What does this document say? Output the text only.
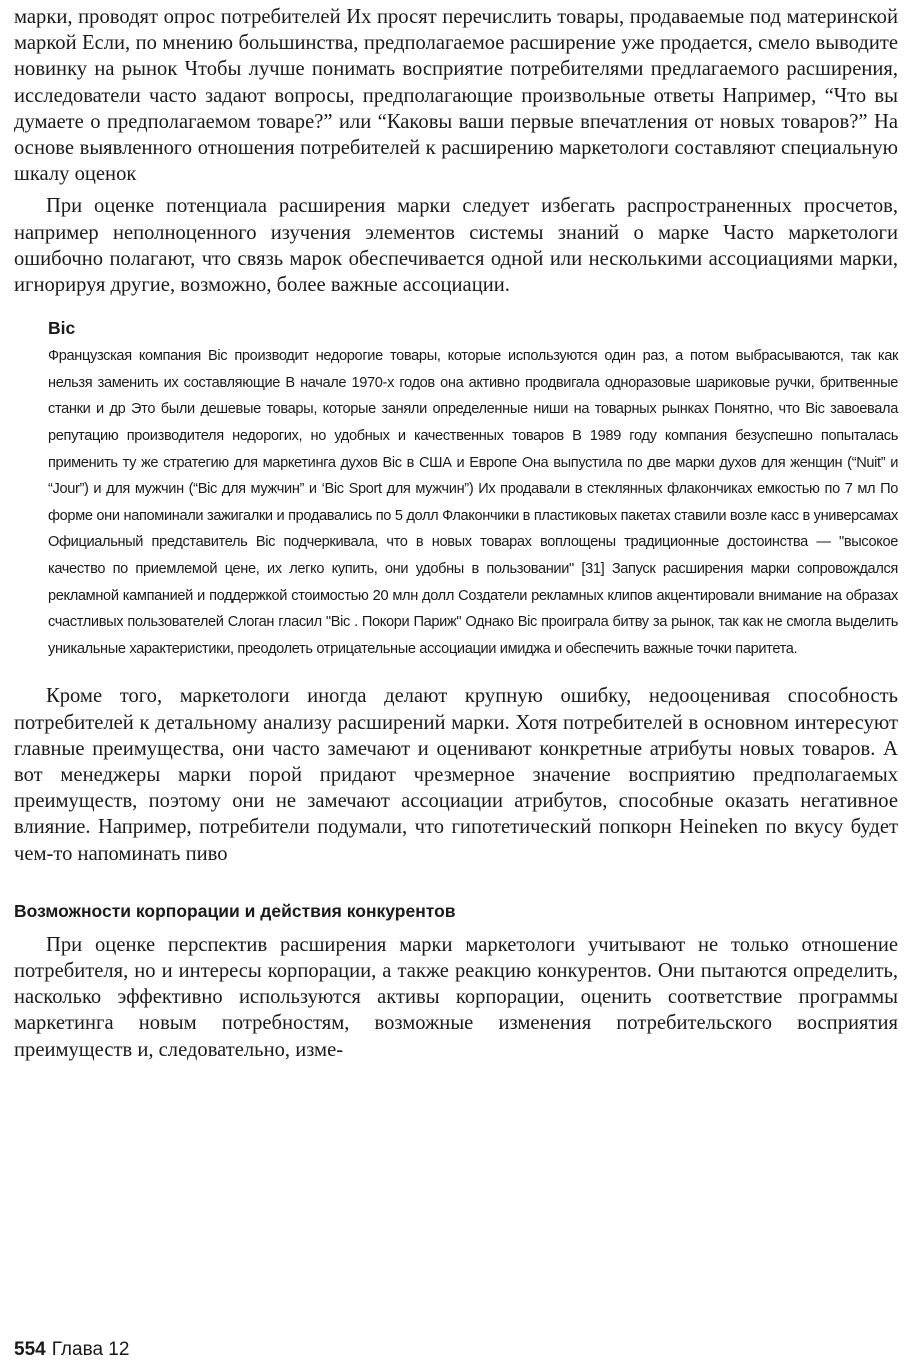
марки, проводят опрос потребителей Их просят перечислить товары, продаваемые под материнской маркой Если, по мнению большинства, предполагаемое расширение уже продается, смело выводите новинку на рынок Чтобы лучше понимать восприятие потребителями предлагаемого расширения, исследователи часто задают вопросы, предполагающие произвольные ответы Например, “Что вы думаете о предполагаемом товаре?” или “Каковы ваши первые впечатления от новых товаров?” На основе выявленного отношения потребителей к расширению маркетологи составляют специальную шкалу оценок

При оценке потенциала расширения марки следует избегать распространенных просчетов, например неполноценного изучения элементов системы знаний о марке Часто маркетологи ошибочно полагают, что связь марок обеспечивается одной или несколькими ассоциациями марки, игнорируя другие, возможно, более важные ассоциации.

Bic

Французская компания Bic производит недорогие товары, которые используются один раз, а потом выбрасываются, так как нельзя заменить их составляющие В начале 1970-х годов она активно продвигала одноразовые шариковые ручки, бритвенные станки и др Это были дешевые товары, которые заняли определенные ниши на товарных рынках Понятно, что Bic завоевала репутацию производителя недорогих, но удобных и качественных товаров В 1989 году компания безуспешно попыталась применить ту же стратегию для маркетинга духов Bic в США и Европе Она выпустила по две марки духов для женщин (“Nuit” и “Jour”) и для мужчин (“Bic для мужчин” и ‘Bic Sport для мужчин”) Их продавали в стеклянных флакончиках емкостью по 7 мл По форме они напоминали зажигалки и продавались по 5 долл Флакончики в пластиковых пакетах ставили возле касс в универсамах Официальный представитель Bic подчеркивала, что в новых товарах воплощены традиционные достоинства — "высокое качество по приемлемой цене, их легко купить, они удобны в пользовании" [31] Запуск расширения марки сопровождался рекламной кампанией и поддержкой стоимостью 20 млн долл Создатели рекламных клипов акцентировали внимание на образах счастливых пользователей Слоган гласил "Bic . Покори Париж" Однако Bic проиграла битву за рынок, так как не смогла выделить уникальные характеристики, преодолеть отрицательные ассоциации имиджа и обеспечить важные точки паритета.

Кроме того, маркетологи иногда делают крупную ошибку, недооценивая способность потребителей к детальному анализу расширений марки. Хотя потребителей в основном интересуют главные преимущества, они часто замечают и оценивают конкретные атрибуты новых товаров. А вот менеджеры марки порой придают чрезмерное значение восприятию предполагаемых преимуществ, поэтому они не замечают ассоциации атрибутов, способные оказать негативное влияние. Например, потребители подумали, что гипотетический попкорн Heineken по вкусу будет чем-то напоминать пиво

Возможности корпорации и действия конкурентов

При оценке перспектив расширения марки маркетологи учитывают не только отношение потребителя, но и интересы корпорации, а также реакцию конкурентов. Они пытаются определить, насколько эффективно используются активы корпорации, оценить соответствие программы маркетинга новым потребностям, возможные изменения потребительского восприятия преимуществ и, следовательно, изме-

554 Глава 12
